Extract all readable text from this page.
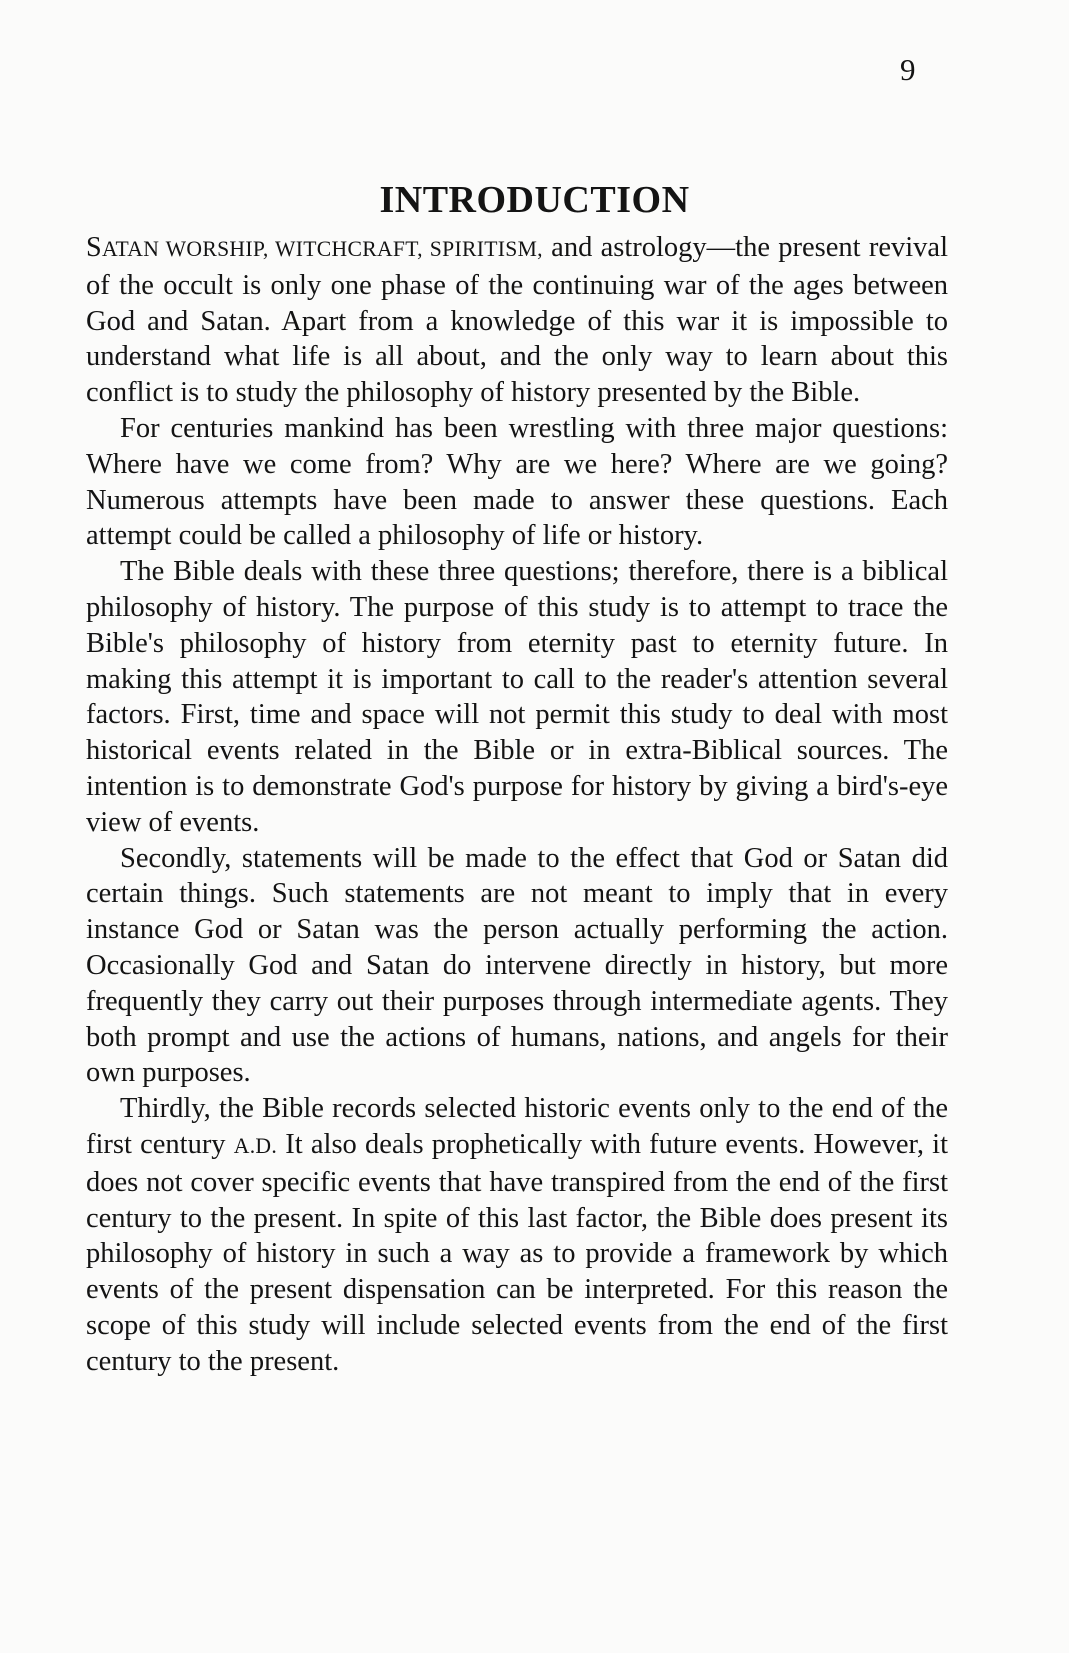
9
INTRODUCTION

SATAN WORSHIP, WITCHCRAFT, SPIRITISM, and astrology—the present revival of the occult is only one phase of the continuing war of the ages between God and Satan. Apart from a knowledge of this war it is impossible to understand what life is all about, and the only way to learn about this conflict is to study the philosophy of history presented by the Bible.

For centuries mankind has been wrestling with three major questions: Where have we come from? Why are we here? Where are we going? Numerous attempts have been made to answer these questions. Each attempt could be called a philosophy of life or history.

The Bible deals with these three questions; therefore, there is a biblical philosophy of history. The purpose of this study is to attempt to trace the Bible's philosophy of history from eternity past to eternity future. In making this attempt it is important to call to the reader's attention several factors. First, time and space will not permit this study to deal with most historical events related in the Bible or in extra-Biblical sources. The intention is to demonstrate God's purpose for history by giving a bird's-eye view of events.

Secondly, statements will be made to the effect that God or Satan did certain things. Such statements are not meant to imply that in every instance God or Satan was the person actually performing the action. Occasionally God and Satan do intervene directly in history, but more frequently they carry out their purposes through intermediate agents. They both prompt and use the actions of humans, nations, and angels for their own purposes.

Thirdly, the Bible records selected historic events only to the end of the first century A.D. It also deals prophetically with future events. However, it does not cover specific events that have transpired from the end of the first century to the present. In spite of this last factor, the Bible does present its philosophy of history in such a way as to provide a framework by which events of the present dispensation can be interpreted. For this reason the scope of this study will include selected events from the end of the first century to the present.
